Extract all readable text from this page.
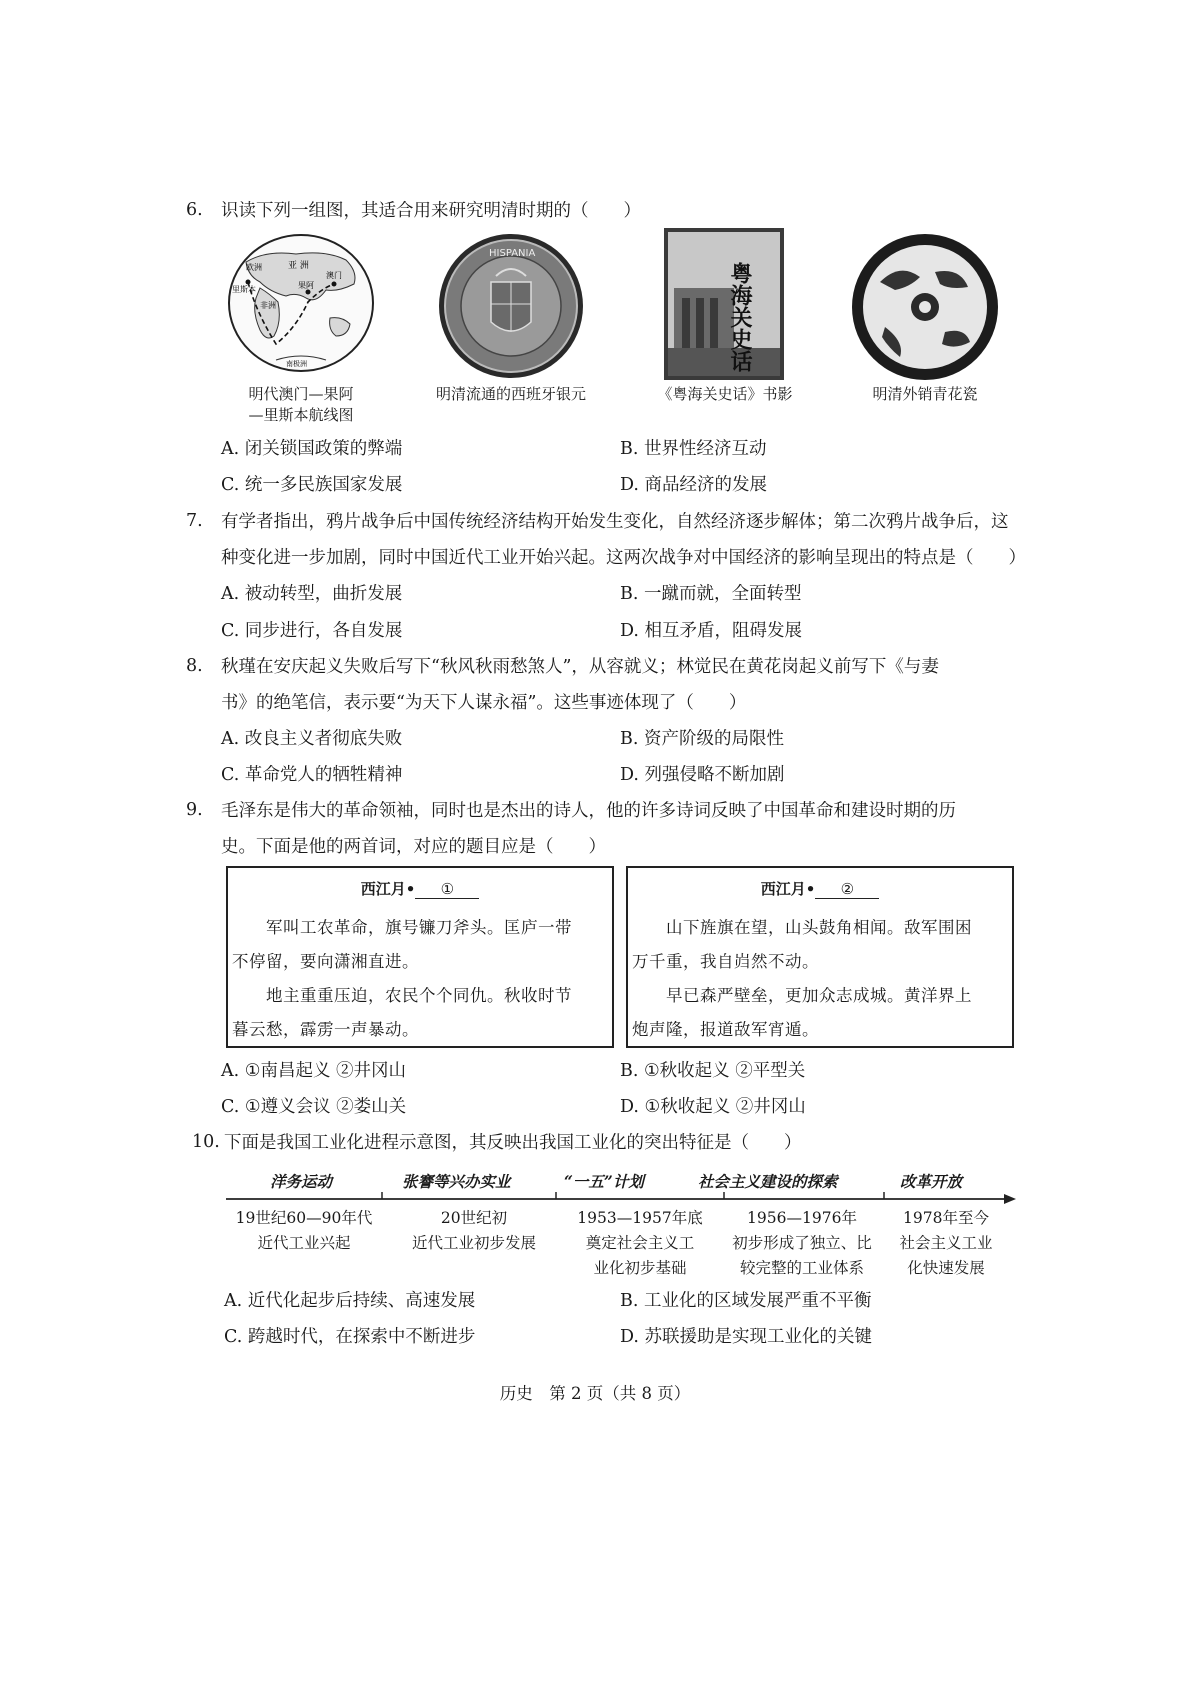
6. 识读下列一组图，其适合用来研究明清时期的（　　）
亚 洲
欧洲
非洲
果阿
澳门
里斯本
南极洲
明代澳门—果阿
—里斯本航线图
HISPANIA
明清流通的西班牙银元
粤海关史话
《粤海关史话》书影	明清外销青花瓷
A. 闭关锁国政策的弊端	B. 世界性经济互动
C. 统一多民族国家发展	D. 商品经济的发展
7. 有学者指出，鸦片战争后中国传统经济结构开始发生变化，自然经济逐步解体；第二次鸦片战争后，这
种变化进一步加剧，同时中国近代工业开始兴起。这两次战争对中国经济的影响呈现出的特点是（　　）
A. 被动转型，曲折发展	B. 一蹴而就，全面转型
C. 同步进行，各自发展	D. 相互矛盾，阻碍发展
8. 秋瑾在安庆起义失败后写下“秋风秋雨愁煞人”，从容就义；林觉民在黄花岗起义前写下《与妻
书》的绝笔信，表示要“为天下人谋永福”。这些事迹体现了（　　）
A. 改良主义者彻底失败	B. 资产阶级的局限性
C. 革命党人的牺牲精神	D. 列强侵略不断加剧
9. 毛泽东是伟大的革命领袖，同时也是杰出的诗人，他的许多诗词反映了中国革命和建设时期的历
史。下面是他的两首词，对应的题目应是（　　）
西江月• ①
　　军叫工农革命，旗号镰刀斧头。匡庐一带
不停留，要向潇湘直进。
　　地主重重压迫，农民个个同仇。秋收时节
暮云愁，霹雳一声暴动。
西江月• ②
　　山下旌旗在望，山头鼓角相闻。敌军围困
万千重，我自岿然不动。
　　早已森严壁垒，更加众志成城。黄洋界上
炮声隆，报道敌军宵遁。
A. ①南昌起义 ②井冈山	B. ①秋收起义 ②平型关
C. ①遵义会议 ②娄山关	D. ①秋收起义 ②井冈山
10. 下面是我国工业化进程示意图，其反映出我国工业化的突出特征是（　　）
洋务运动	张謇等兴办实业	“一五”计划	社会主义建设的探索	改革开放
19世纪60—90年代
近代工业兴起
20世纪初
近代工业初步发展
1953—1957年底
奠定社会主义工
业化初步基础
1956—1976年
初步形成了独立、比
较完整的工业体系
1978年至今
社会主义工业
化快速发展
A. 近代化起步后持续、高速发展	B. 工业化的区域发展严重不平衡
C. 跨越时代，在探索中不断进步	D. 苏联援助是实现工业化的关键
历史　第 2 页（共 8 页）
